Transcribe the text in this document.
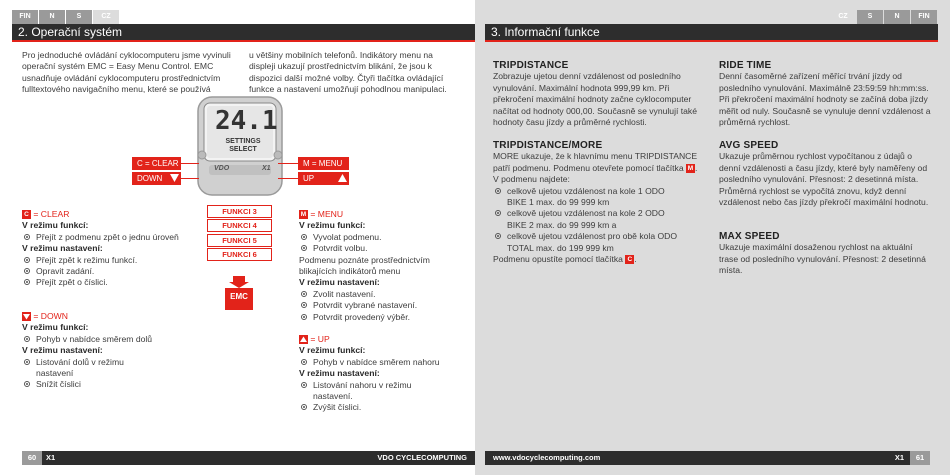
FIN	N	S	CZ	CZ	S	N	FIN
2. Operační systém	3. Informační funkce
Pro jednoduché ovládání cyklocomputeru jsme vyvinuli operační systém EMC = Easy Menu Control. EMC usnadňuje ovládání cyklocomputeru prostřednictvím fulltextového navigačního menu, které se používá
u většiny mobilních telefonů. Indikátory menu na displeji ukazují prostřednictvím blikání, že jsou k dispozici další možné volby. Čtyři tlačítka ovládající funkce a nastavení umožňují pohodlnou manipulaci.
24.1
SETTINGS SELECT
VDO	X1
C = CLEAR
DOWN
M = MENU
UP
FUNKCI 3
FUNKCI 4
FUNKCI 5
FUNKCI 6
EMC
C = CLEAR
V režimu funkcí:
Přejít z podmenu zpět o jednu úroveň
V režimu nastavení:
Přejít zpět k režimu funkcí.
Opravit zadání.
Přejít zpět o číslici.
= DOWN
V režimu funkcí:
Pohyb v nabídce směrem dolů
V režimu nastavení:
Listování dolů v režimu nastavení
Snížit číslici
M = MENU
V režimu funkcí:
Vyvolat podmenu.
Potvrdit volbu.
Podmenu poznáte prostřednictvím blikajících indikátorů menu
V režimu nastavení:
Zvolit nastavení.
Potvrdit vybrané nastavení.
Potvrdit provedený výběr.
= UP
V režimu funkcí:
Pohyb v nabídce směrem nahoru
V režimu nastavení:
Listování nahoru v režimu nastavení.
Zvýšit číslici.
TRIPDISTANCE
Zobrazuje ujetou denní vzdálenost od posledního vynulování. Maximální hodnota 999,99 km. Při překročení maximální hodnoty začne cyklocomputer načítat od hodnoty 000,00. Současně se vynulují také hodnoty času jízdy a průměrné rychlosti.
TRIPDISTANCE/MORE
MORE ukazuje, že k hlavnímu menu TRIPDISTANCE patří podmenu. Podmenu otevřete pomocí tlačítka M .
V podmenu najdete:
celkově ujetou vzdálenost na kole 1 ODO BIKE 1 max. do 99 999 km
celkově ujetou vzdálenost na kole 2 ODO BIKE 2 max. do 99 999 km a
celkově ujetou vzdálenost pro obě kola ODO TOTAL max. do 199 999 km
Podmenu opustíte pomocí tlačítka C .
RIDE TIME
Denní časoměrné zařízení měřící trvání jízdy od posledního vynulování. Maximálně 23:59:59 hh:mm:ss. Při překročení maximální hodnoty se začíná doba jízdy měřit od nuly. Současně se vynuluje denní vzdálenost a průměrná rychlost.
AVG SPEED
Ukazuje průměrnou rychlost vypočítanou z údajů o denní vzdálenosti a času jízdy, které byly naměřeny od posledního vynulování. Přesnost: 2 desetinná místa. Průměrná rychlost se vypočítá znovu, když denní vzdálenost nebo čas jízdy překročí maximální hodnotu.
MAX SPEED
Ukazuje maximální dosaženou rychlost na aktuální trase od posledního vynulování. Přesnost: 2 desetinná místa.
60	X1	VDO CYCLECOMPUTING	www.vdocyclecomputing.com	X1	61
